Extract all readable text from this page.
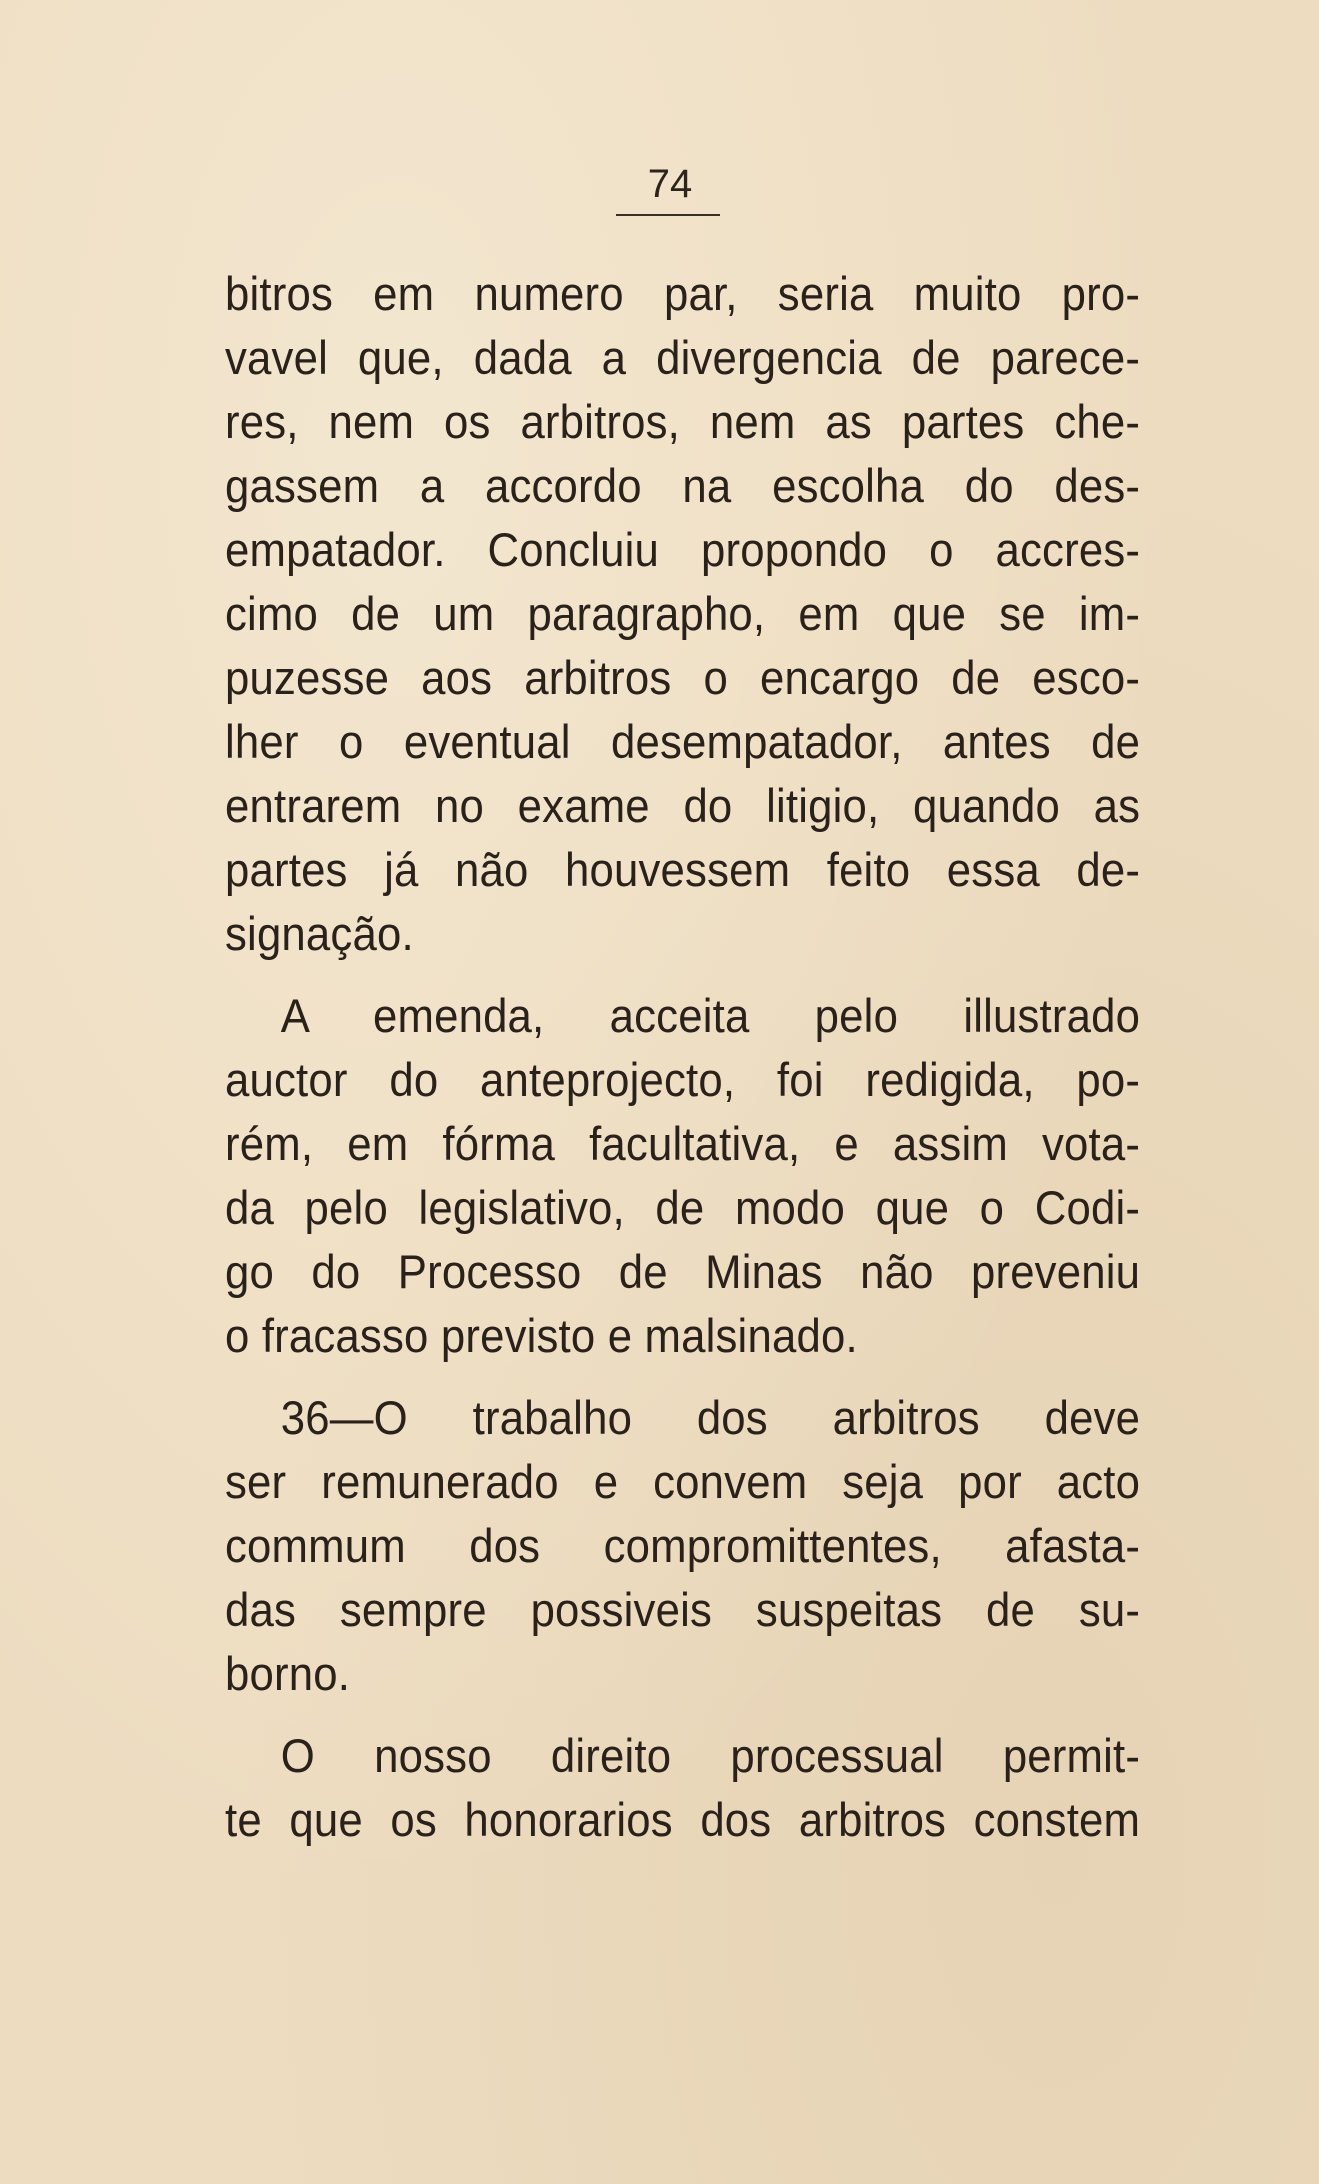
74
bitros em numero par, seria muito pro-
vavel que, dada a divergencia de parece-
res, nem os arbitros, nem as partes che-
gassem a accordo na escolha do des-
empatador. Concluiu propondo o accres-
cimo de um paragrapho, em que se im-
puzesse aos arbitros o encargo de esco-
lher o eventual desempatador, antes de
entrarem no exame do litigio, quando as
partes já não houvessem feito essa de-
signação.
A emenda, acceita pelo illustrado
auctor do anteprojecto, foi redigida, po-
rém, em fórma facultativa, e assim vota-
da pelo legislativo, de modo que o Codi-
go do Processo de Minas não preveniu
o fracasso previsto e malsinado.
36—O trabalho dos arbitros deve
ser remunerado e convem seja por acto
commum dos compromittentes, afasta-
das sempre possiveis suspeitas de su-
borno.
O nosso direito processual permit-
te que os honorarios dos arbitros constem
